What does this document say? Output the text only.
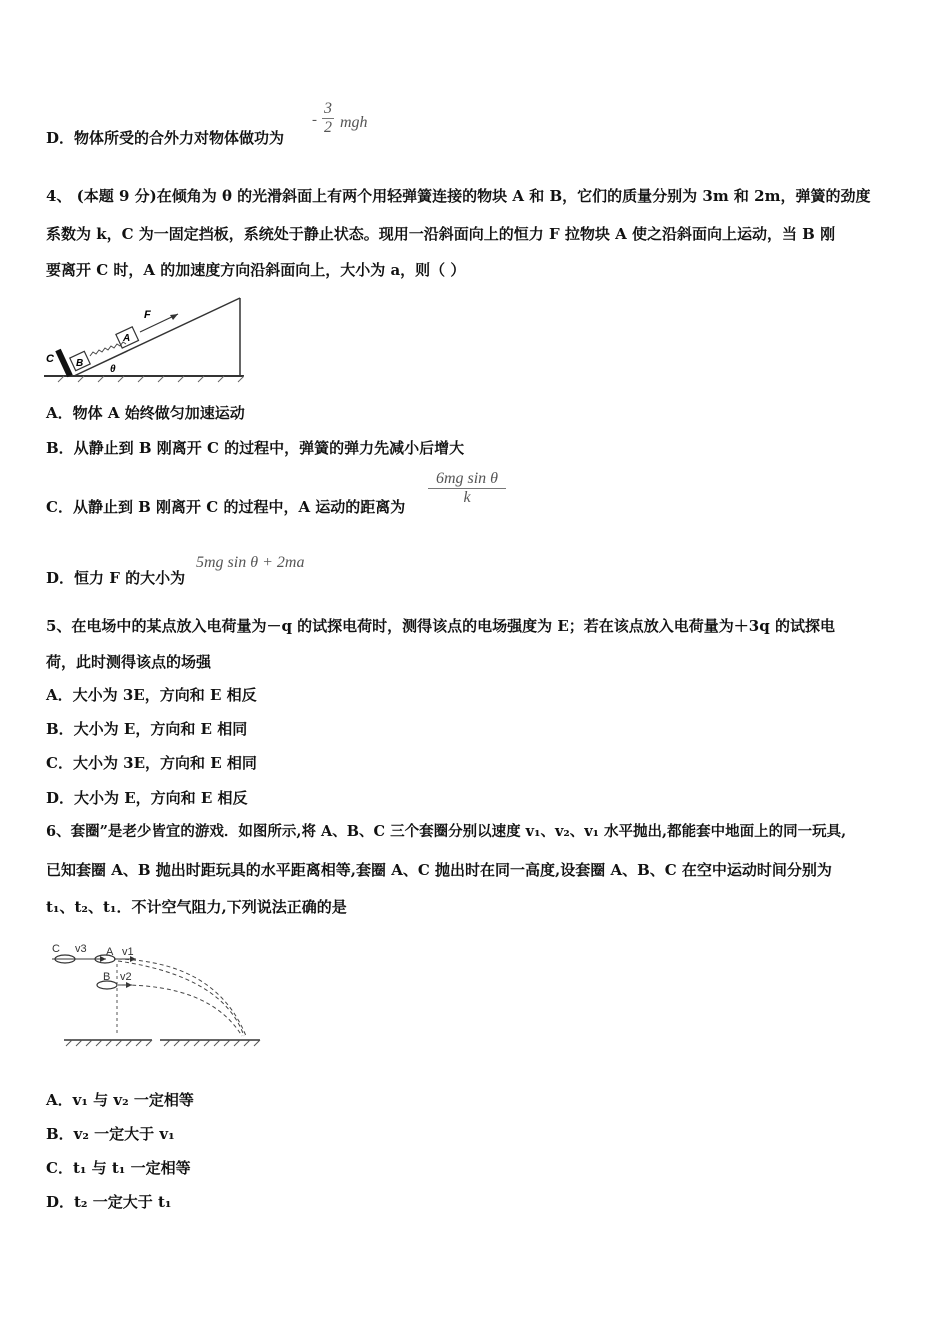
D．物体所受的合外力对物体做功为
-
3
2 mgh
4、 (本题 9 分)在倾角为 θ 的光滑斜面上有两个用轻弹簧连接的物块 A 和 B，它们的质量分别为 3m 和 2m，弹簧的劲度
系数为 k，C 为一固定挡板，系统处于静止状态。现用一沿斜面向上的恒力 F 拉物块 A 使之沿斜面向上运动，当 B 刚
要离开 C 时，A 的加速度方向沿斜面向上，大小为 a，则（ ）
F
A
B
C
θ
A．物体 A 始终做匀加速运动
B．从静止到 B 刚离开 C 的过程中，弹簧的弹力先减小后增大
C．从静止到 B 刚离开 C 的过程中，A 运动的距离为
6mg sin θ
k
D．恒力 F 的大小为
5mg sin θ + 2ma
5、在电场中的某点放入电荷量为－q 的试探电荷时，测得该点的电场强度为 E；若在该点放入电荷量为＋3q 的试探电
荷，此时测得该点的场强
A．大小为 3E，方向和 E 相反
B．大小为 E，方向和 E 相同
C．大小为 3E，方向和 E 相同
D．大小为 E，方向和 E 相反
6、套圈”是老少皆宜的游戏．如图所示,将 A、B、C 三个套圈分别以速度 v₁、v₂、v₁ 水平抛出,都能套中地面上的同一玩具,
已知套圈 A、B 抛出时距玩具的水平距离相等,套圈 A、C 抛出时在同一高度,设套圈 A、B、C 在空中运动时间分别为
t₁、t₂、t₁．不计空气阻力,下列说法正确的是
C v3 A v1
B v2
A．v₁ 与 v₂ 一定相等
B．v₂ 一定大于 v₁
C．t₁ 与 t₁ 一定相等
D．t₂ 一定大于 t₁
